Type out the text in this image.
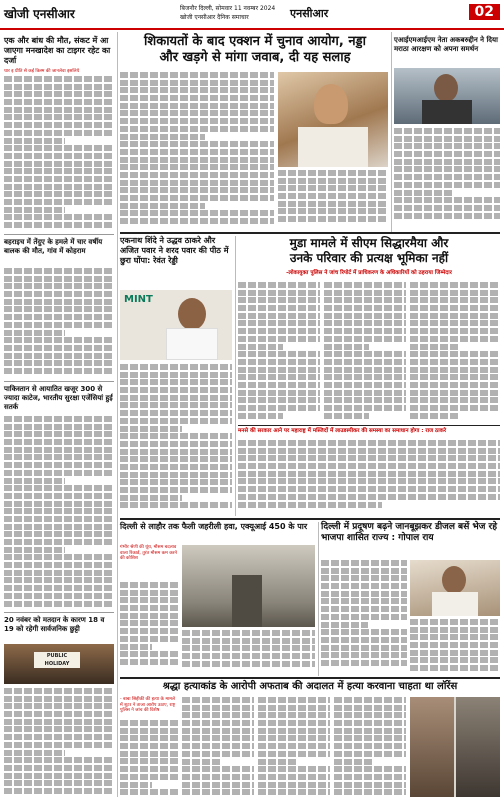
खोजी एनसीआर	बिजनौर दिल्ली, सोमवार 11 नवम्बर 2024
खोजी एनसीआर दैनिक समाचार	एनसीआर	02
एक और बांध की मौत, संकट में आ जाएगा मनखादेश का टाइगर रहेट का दर्जा
थार इ प्रीति से कई किस्म की जानलेवा इसलिये
बहराइच में तेंदुए के हमले में चार वर्षीय बालक की मौत, गांव में कोहराम
पाकिस्तान से आयातित खजूर 300 से ज्यादा काटेज, भारतीय सुरक्षा एजेंसियां हुई सतर्क
20 नवंबर को मतदान के कारण 18 व 19 को रहेगी सार्वजनिक छुट्टी
PUBLIC HOLIDAY
शिकायतों के बाद एक्शन में चुनाव आयोग, नड्डा
और खड़गे से मांगा जवाब, दी यह सलाह
एआईएमआईएम नेता अकबरुद्दीन ने दिया मराठा आरक्षण को अपना समर्थन
एकनाथ शिंदे ने उद्धव ठाकरे और अजित पवार ने शरद पवार की पीठ में छुरा घोंपा: रेवंत रेड्डी
MINT
मुडा मामले में सीएम सिद्धारमैया और
उनके परिवार की प्रत्यक्ष भूमिका नहीं
-लोकायुक्त पुलिस ने जांच रिपोर्ट में प्राधिकरण के अधिकारियों को ठहराया जिम्मेदार
मनसे की सरकार आने पर महाराष्ट्र में मस्जिदों में लाउडस्पीकर की समस्या का समाधान होगा : राज ठाकरे
दिल्ली से लाहौर तक फैली जहरीली हवा, एक्यूआई 450 के पार
गंभीर श्रेणी की धूंध, मौसम बदलाव वाला रिकार्ड, तुरंत मौसम कम करने की कोशिश
दिल्ली में प्रदूषण बढ़ने जानबूझकर डीजल बसें भेज रहे भाजपा शासित राज्य : गोपाल राय
श्रद्धा हत्याकांड के आरोपी अफताब की अदालत में हत्या करवाना चाहता था लॉरेंस
- बाबा सिद्दीकी की हत्या के मामले में शूटर ने ताजा आरोप उठाए, राष्ट्र पुलिस ने जांच की विशेष
